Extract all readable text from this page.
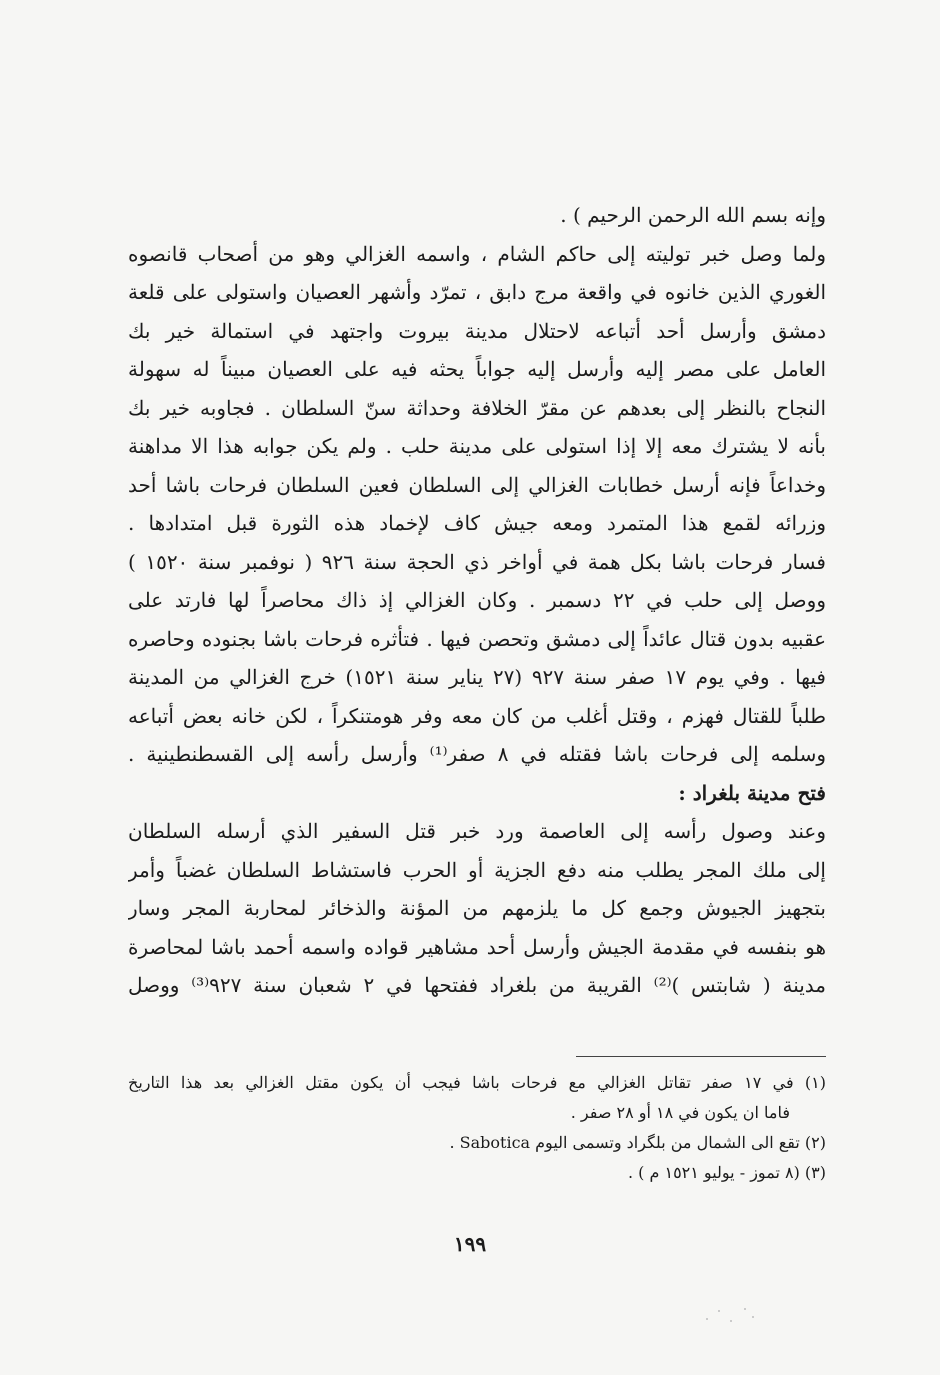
وإنه بسم الله الرحمن الرحيم ) .
ولما وصل خبر توليته إلى حاكم الشام ، واسمه الغزالي وهو من أصحاب قانصوه
الغوري الذين خانوه في واقعة مرج دابق ، تمرّد وأشهر العصيان واستولى على قلعة
دمشق وأرسل أحد أتباعه لاحتلال مدينة بيروت واجتهد في استمالة خير بك
العامل على مصر إليه وأرسل إليه جواباً يحثه فيه على العصيان مبيناً له سهولة
النجاح بالنظر إلى بعدهم عن مقرّ الخلافة وحداثة سنّ السلطان . فجاوبه خير بك
بأنه لا يشترك معه إلا إذا استولى على مدينة حلب . ولم يكن جوابه هذا الا مداهنة
وخداعاً فإنه أرسل خطابات الغزالي إلى السلطان فعين السلطان فرحات باشا أحد
وزرائه لقمع هذا المتمرد ومعه جيش كاف لإخماد هذه الثورة قبل امتدادها .
فسار فرحات باشا بكل همة في أواخر ذي الحجة سنة ٩٢٦ ( نوفمبر سنة ١٥٢٠ )
ووصل إلى حلب في ٢٢ دسمبر . وكان الغزالي إذ ذاك محاصراً لها فارتد على
عقبيه بدون قتال عائداً إلى دمشق وتحصن فيها . فتأثره فرحات باشا بجنوده وحاصره
فيها . وفي يوم ١٧ صفر سنة ٩٢٧ (٢٧ يناير سنة ١٥٢١) خرج الغزالي من المدينة
طلباً للقتال فهزم ، وقتل أغلب من كان معه وفر هومتنكراً ، لكن خانه بعض أتباعه
وسلمه إلى فرحات باشا فقتله في ٨ صفر⁽¹⁾ وأرسل رأسه إلى القسطنطينية .
فتح مدينة بلغراد :
وعند وصول رأسه إلى العاصمة ورد خبر قتل السفير الذي أرسله السلطان
إلى ملك المجر يطلب منه دفع الجزية أو الحرب فاستشاط السلطان غضباً وأمر
بتجهيز الجيوش وجمع كل ما يلزمهم من المؤنة والذخائر لمحاربة المجر وسار
هو بنفسه في مقدمة الجيش وأرسل أحد مشاهير قواده واسمه أحمد باشا لمحاصرة
مدينة ( شابتس )⁽²⁾ القريبة من بلغراد ففتحها في ٢ شعبان سنة ٩٢٧⁽³⁾ ووصل
(١) في ١٧ صفر تقاتل الغزالي مع فرحات باشا فيجب أن يكون مقتل الغزالي بعد هذا التاريخ
فاما ان يكون في ١٨ أو ٢٨ صفر .
(٢) تقع الى الشمال من بلگراد وتسمى اليوم Sabotica .
(٣) (٨ تموز - يوليو ١٥٢١ م ) .
١٩٩
